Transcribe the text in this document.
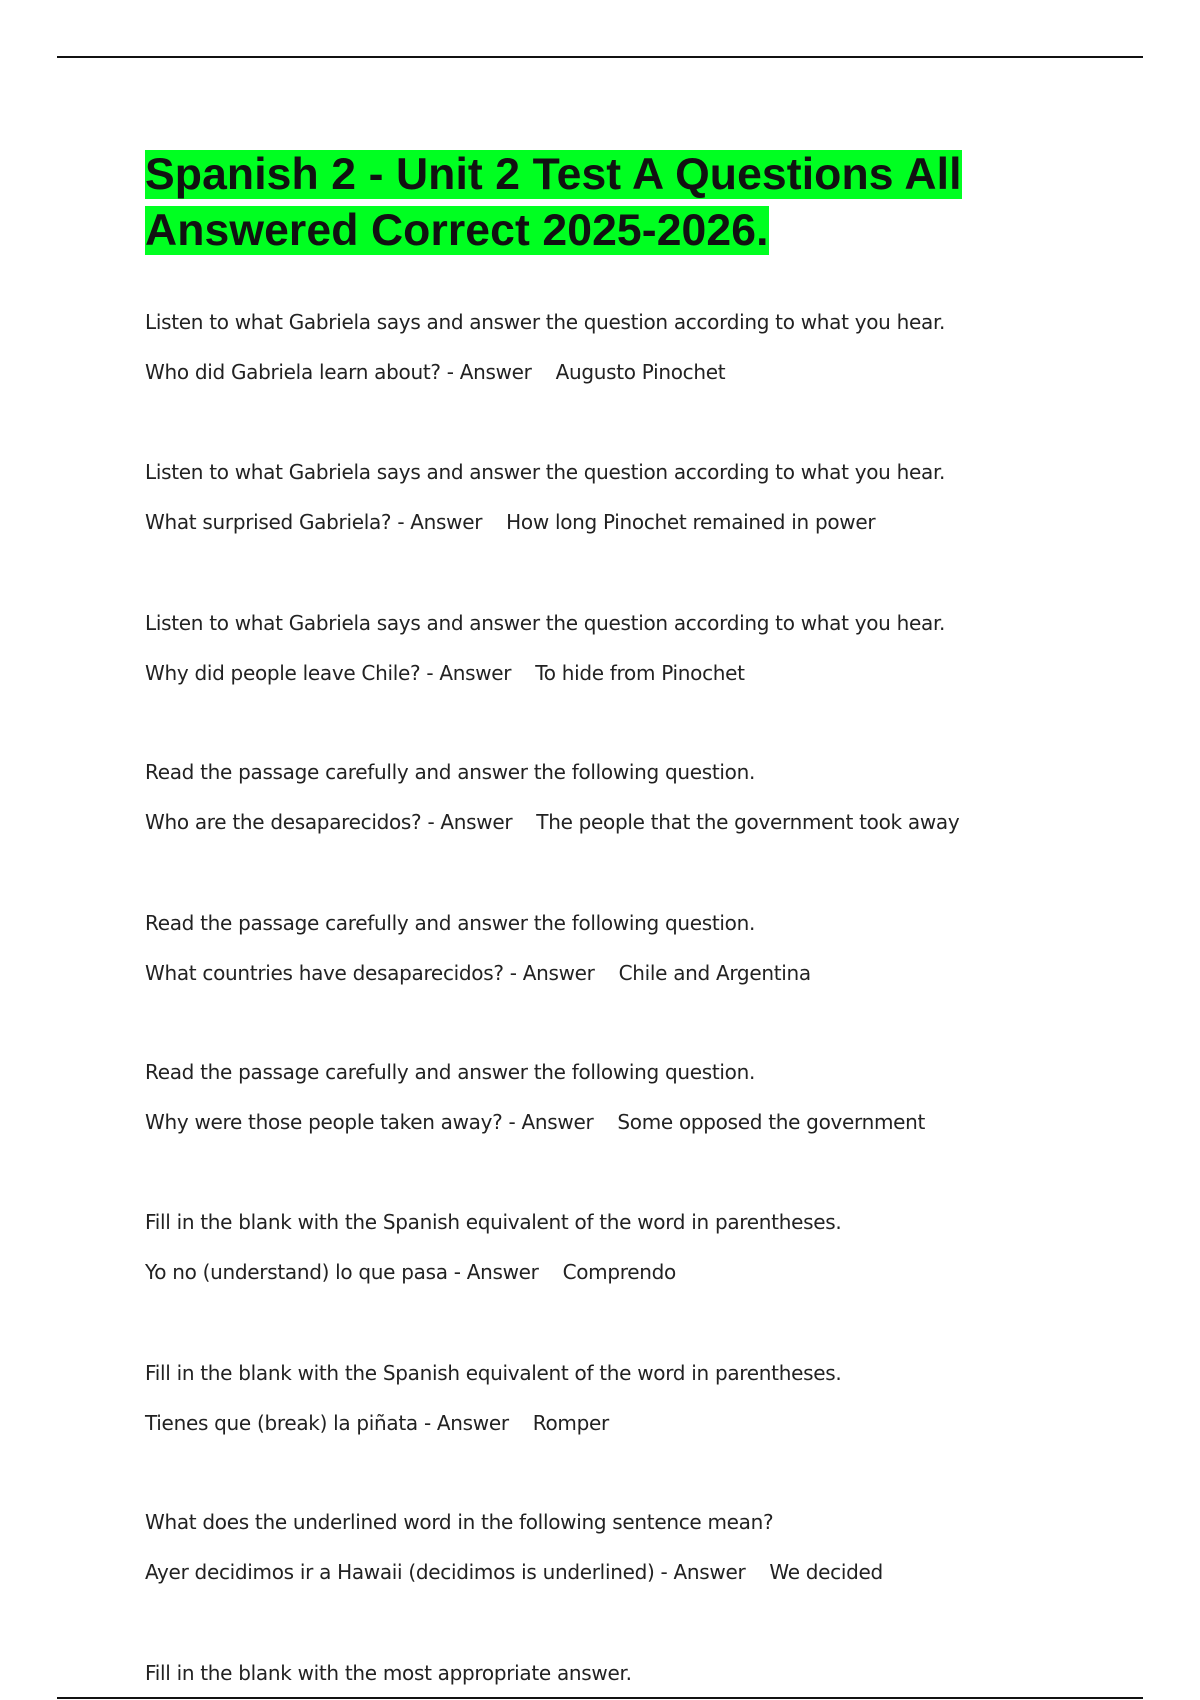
Spanish 2 - Unit 2 Test A Questions All Answered Correct 2025-2026.
Listen to what Gabriela says and answer the question according to what you hear.
Who did Gabriela learn about? - Answer Augusto Pinochet
Listen to what Gabriela says and answer the question according to what you hear.
What surprised Gabriela? - Answer How long Pinochet remained in power
Listen to what Gabriela says and answer the question according to what you hear.
Why did people leave Chile? - Answer To hide from Pinochet
Read the passage carefully and answer the following question.
Who are the desaparecidos? - Answer The people that the government took away
Read the passage carefully and answer the following question.
What countries have desaparecidos? - Answer Chile and Argentina
Read the passage carefully and answer the following question.
Why were those people taken away? - Answer Some opposed the government
Fill in the blank with the Spanish equivalent of the word in parentheses.
Yo no (understand) lo que pasa - Answer Comprendo
Fill in the blank with the Spanish equivalent of the word in parentheses.
Tienes que (break) la piñata - Answer Romper
What does the underlined word in the following sentence mean?
Ayer decidimos ir a Hawaii (decidimos is underlined) - Answer We decided
Fill in the blank with the most appropriate answer.
